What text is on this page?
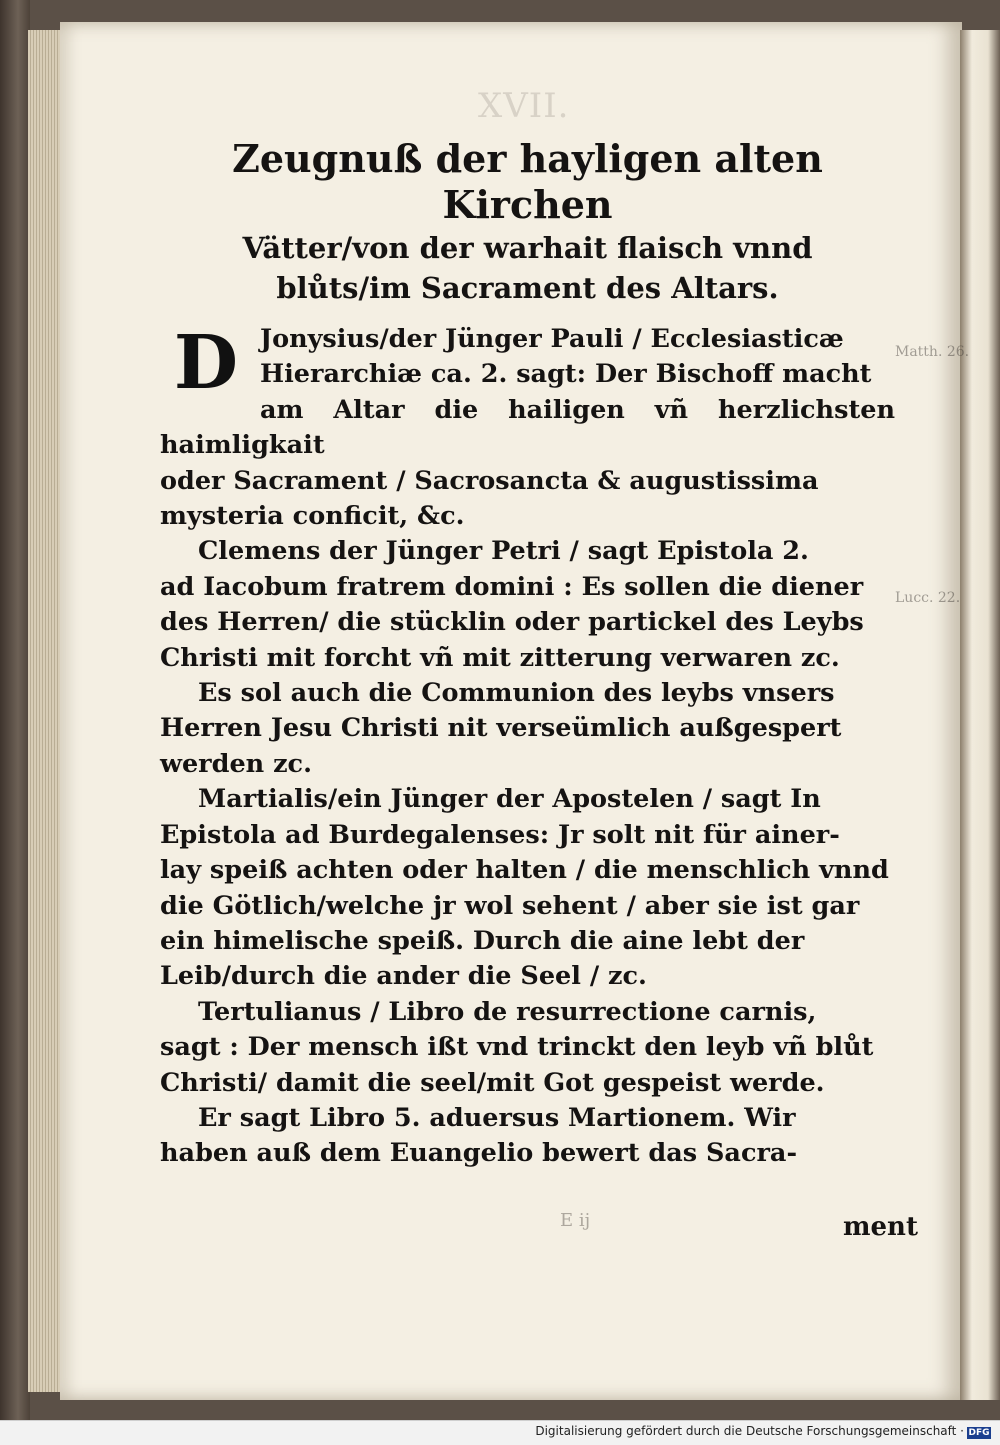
XVII.
Matth. 26.
Lucc. 22.
Zeugnuß der hayligen alten Kirchen
Vätter/von der warhait flaisch vnnd
blůts/im Sacrament des Altars.
D Jonysius/der Jünger Pauli / Ecclesiasticæ
Hierarchiæ ca. 2. sagt: Der Bischoff macht
am Altar die hailigen vñ herzlichsten haimligkait
oder Sacrament / Sacrosancta & augustissima
mysteria conficit, &c.
Clemens der Jünger Petri / sagt Epistola 2.
ad Iacobum fratrem domini : Es sollen die diener
des Herren/ die stücklin oder partickel des Leybs
Christi mit forcht vñ mit zitterung verwaren zc.
Es sol auch die Communion des leybs vnsers
Herren Jesu Christi nit verseümlich außgespert
werden zc.
Martialis/ein Jünger der Apostelen / sagt In
Epistola ad Burdegalenses: Jr solt nit für ainer-
lay speiß achten oder halten / die menschlich vnnd
die Götlich/welche jr wol sehent / aber sie ist gar
ein himelische speiß. Durch die aine lebt der
Leib/durch die ander die Seel / zc.
Tertulianus / Libro de resurrectione carnis,
sagt : Der mensch ißt vnd trinckt den leyb vñ blůt
Christi/ damit die seel/mit Got gespeist werde.
Er sagt Libro 5. aduersus Martionem. Wir
haben auß dem Euangelio bewert das Sacra-
E ij	ment
Digitalisierung gefördert durch die Deutsche Forschungsgemeinschaft · DFG
